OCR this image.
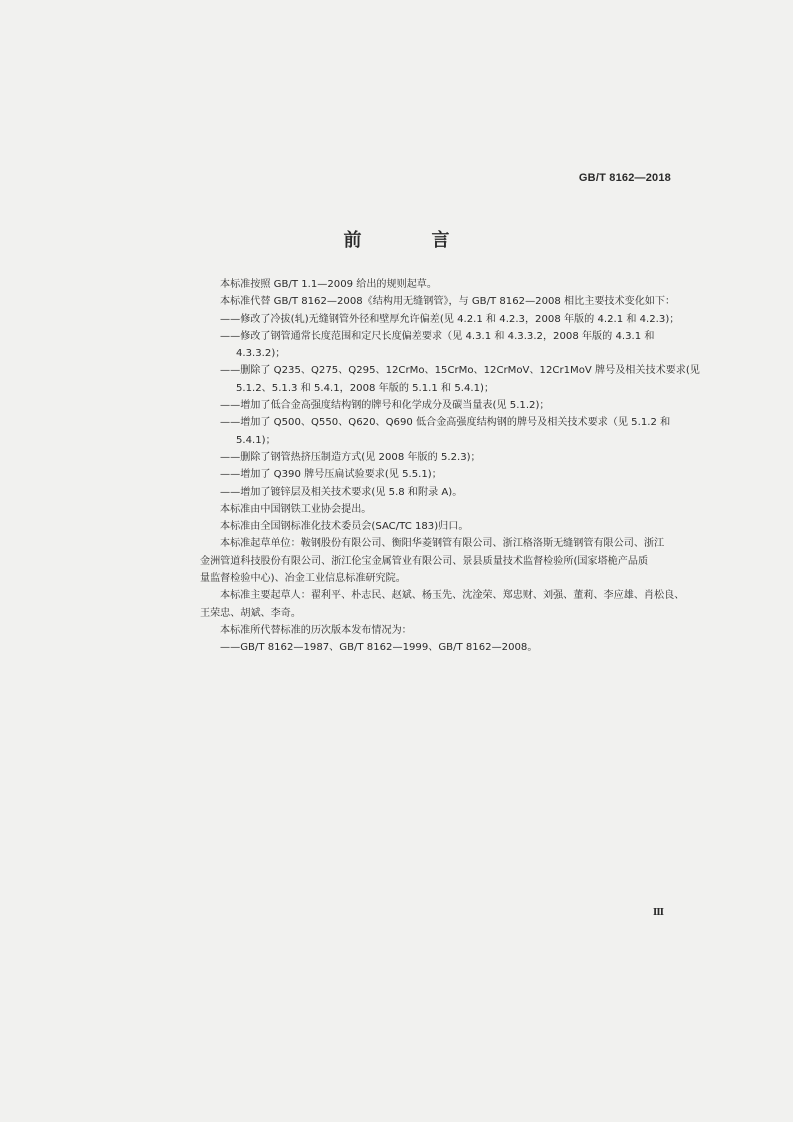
GB/T 8162—2018
前　言
本标准按照 GB/T 1.1—2009 给出的规则起草。
本标准代替 GB/T 8162—2008《结构用无缝钢管》，与 GB/T 8162—2008 相比主要技术变化如下：
——修改了冷拔(轧)无缝钢管外径和壁厚允许偏差(见 4.2.1 和 4.2.3，2008 年版的 4.2.1 和 4.2.3)；
——修改了钢管通常长度范围和定尺长度偏差要求（见 4.3.1 和 4.3.3.2，2008 年版的 4.3.1 和
4.3.3.2)；
——删除了 Q235、Q275、Q295、12CrMo、15CrMo、12CrMoV、12Cr1MoV 牌号及相关技术要求(见
5.1.2、5.1.3 和 5.4.1，2008 年版的 5.1.1 和 5.4.1)；
——增加了低合金高强度结构钢的牌号和化学成分及碳当量表(见 5.1.2)；
——增加了 Q500、Q550、Q620、Q690 低合金高强度结构钢的牌号及相关技术要求（见 5.1.2 和
5.4.1)；
——删除了钢管热挤压制造方式(见 2008 年版的 5.2.3)；
——增加了 Q390 牌号压扁试验要求(见 5.5.1)；
——增加了镀锌层及相关技术要求(见 5.8 和附录 A)。
本标准由中国钢铁工业协会提出。
本标准由全国钢标准化技术委员会(SAC/TC 183)归口。
本标准起草单位：鞍钢股份有限公司、衡阳华菱钢管有限公司、浙江格洛斯无缝钢管有限公司、浙江
金洲管道科技股份有限公司、浙江伦宝金属管业有限公司、景县质量技术监督检验所(国家塔桅产品质
量监督检验中心)、冶金工业信息标准研究院。
本标准主要起草人：翟利平、朴志民、赵斌、杨玉先、沈淦荣、郑忠财、刘强、董莉、李应雄、肖松良、
王荣忠、胡斌、李奇。
本标准所代替标准的历次版本发布情况为：
——GB/T 8162—1987、GB/T 8162—1999、GB/T 8162—2008。
Ⅲ
